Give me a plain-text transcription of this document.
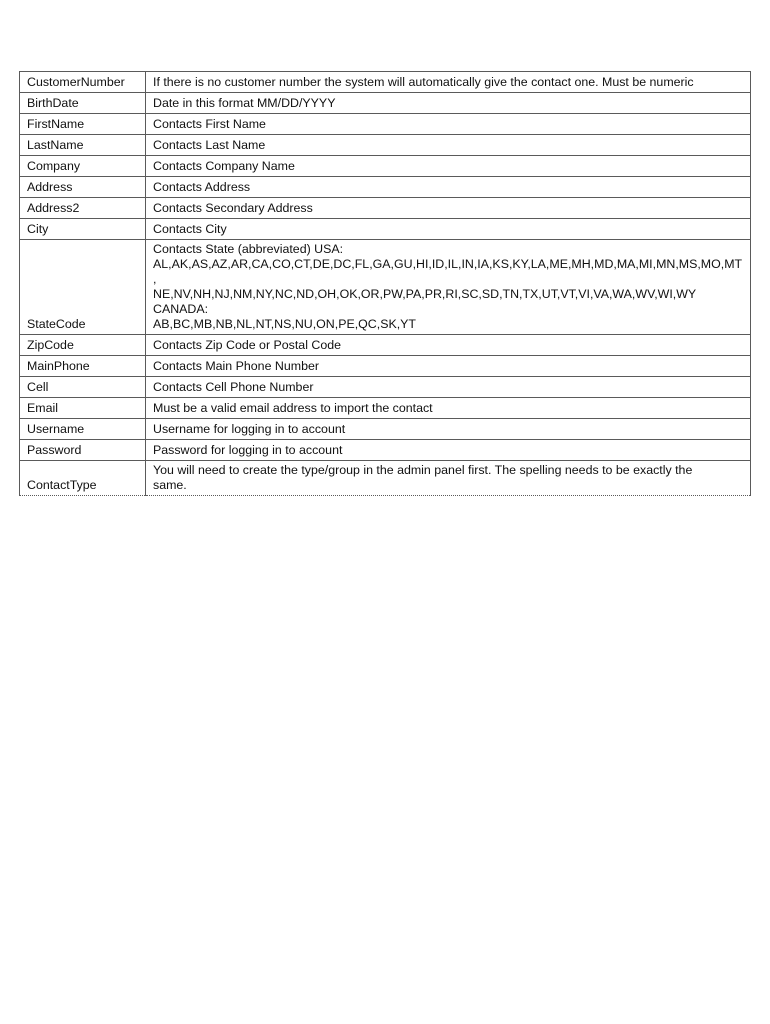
CustomerNumber	If there is no customer number the system will automatically give the contact one. Must be numeric
BirthDate	Date in this format MM/DD/YYYY
FirstName	Contacts First Name
LastName	Contacts Last Name
Company	Contacts Company Name
Address	Contacts Address
Address2	Contacts Secondary Address
City	Contacts City
StateCode	Contacts State (abbreviated) USA:
AL,AK,AS,AZ,AR,CA,CO,CT,DE,DC,FL,GA,GU,HI,ID,IL,IN,IA,KS,KY,LA,ME,MH,MD,MA,MI,MN,MS,MO,MT,
NE,NV,NH,NJ,NM,NY,NC,ND,OH,OK,OR,PW,PA,PR,RI,SC,SD,TN,TX,UT,VT,VI,VA,WA,WV,WI,WY CANADA:
AB,BC,MB,NB,NL,NT,NS,NU,ON,PE,QC,SK,YT
ZipCode	Contacts Zip Code or Postal Code
MainPhone	Contacts Main Phone Number
Cell	Contacts Cell Phone Number
Email	Must be a valid email address to import the contact
Username	Username for logging in to account
Password	Password for logging in to account
ContactType	You will need to create the type/group in the admin panel first. The spelling needs to be exactly the
same.
